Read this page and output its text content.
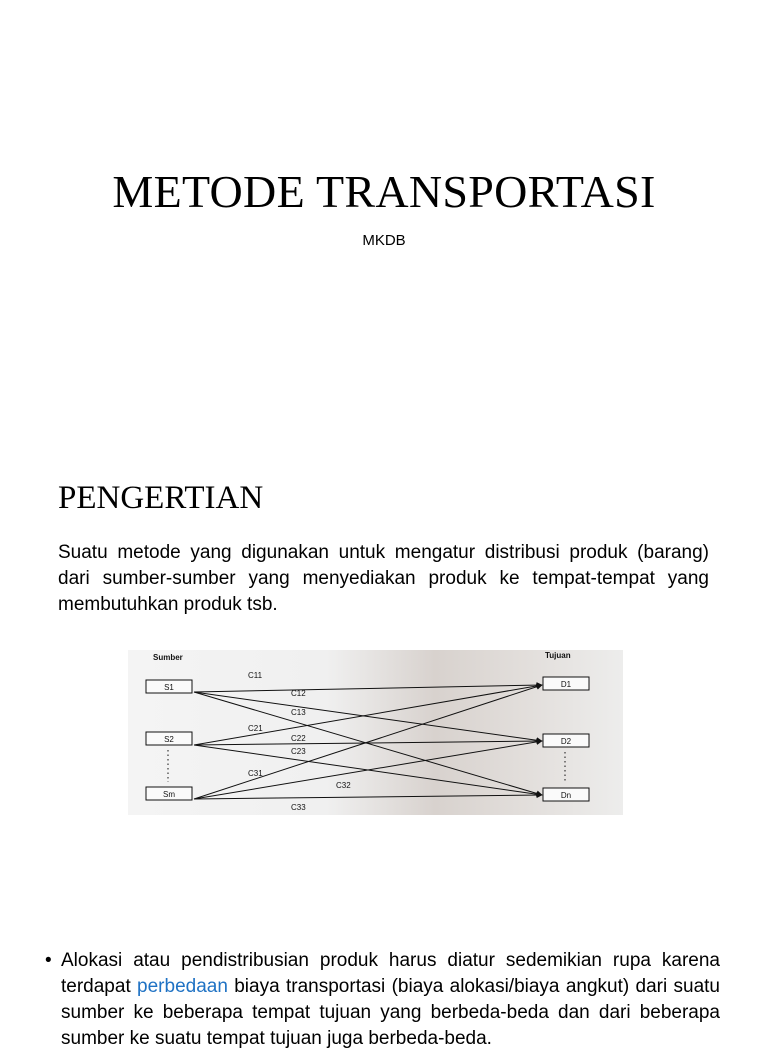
METODE TRANSPORTASI
MKDB
PENGERTIAN
Suatu metode yang digunakan untuk mengatur distribusi produk (barang) dari sumber-sumber yang menyediakan produk ke tempat-tempat yang membutuhkan produk tsb.
Sumber	Tujuan
S1
S2
Sm
D1
D2
Dn
C11
C12
C13
C21
C22
C23
C31
C32
C33
• Alokasi atau pendistribusian produk harus diatur sedemikian rupa karena terdapat perbedaan biaya transportasi (biaya alokasi/biaya angkut) dari suatu sumber ke beberapa tempat tujuan yang berbeda-beda dan dari beberapa sumber ke suatu tempat tujuan juga berbeda-beda.
